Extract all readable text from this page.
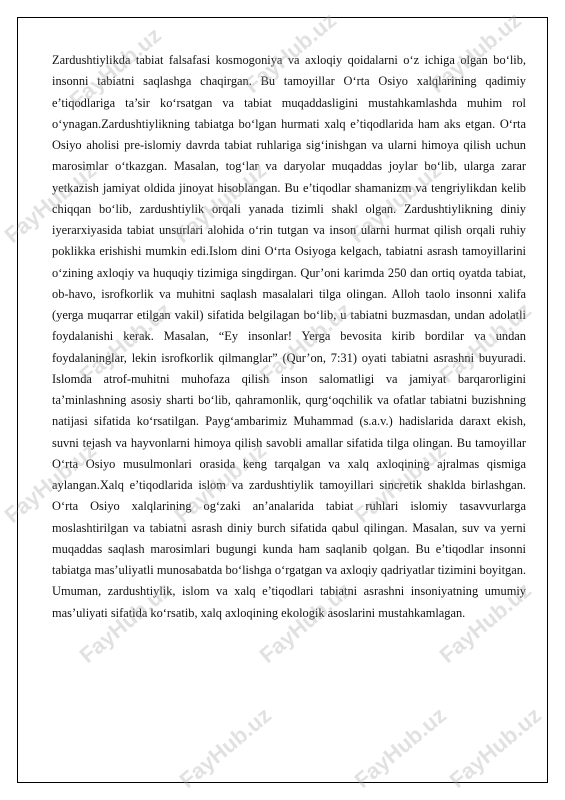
Zardushtiylikda tabiat falsafasi kosmogoniya va axloqiy qoidalarni o‘z ichiga olgan bo‘lib, insonni tabiatni saqlashga chaqirgan. Bu tamoyillar O‘rta Osiyo xalqlarining qadimiy e’tiqodlariga ta’sir ko‘rsatgan va tabiat muqaddasligini mustahkamlashda muhim rol o‘ynagan.Zardushtiylikning tabiatga bo‘lgan hurmati xalq e’tiqodlarida ham aks etgan. O‘rta Osiyo aholisi pre-islomiy davrda tabiat ruhlariga sig‘inishgan va ularni himoya qilish uchun marosimlar o‘tkazgan. Masalan, tog‘lar va daryolar muqaddas joylar bo‘lib, ularga zarar yetkazish jamiyat oldida jinoyat hisoblangan. Bu e’tiqodlar shamanizm va tengriylikdan kelib chiqqan bo‘lib, zardushtiylik orqali yanada tizimli shakl olgan. Zardushtiylikning diniy iyerarxiyasida tabiat unsurlari alohida o‘rin tutgan va inson ularni hurmat qilish orqali ruhiy poklikka erishishi mumkin edi.Islom dini O‘rta Osiyoga kelgach, tabiatni asrash tamoyillarini o‘zining axloqiy va huquqiy tizimiga singdirgan. Qur’oni karimda 250 dan ortiq oyatda tabiat, ob-havo, isrofkorlik va muhitni saqlash masalalari tilga olingan. Alloh taolo insonni xalifa (yerga muqarrar etilgan vakil) sifatida belgilagan bo‘lib, u tabiatni buzmasdan, undan adolatli foydalanishi kerak. Masalan, “Ey insonlar! Yerga bevosita kirib bordilar va undan foydalaninglar, lekin isrofkorlik qilmanglar” (Qur’on, 7:31) oyati tabiatni asrashni buyuradi. Islomda atrof-muhitni muhofaza qilish inson salomatligi va jamiyat barqarorligini ta’minlashning asosiy sharti bo‘lib, qahramonlik, qurg‘oqchilik va ofatlar tabiatni buzishning natijasi sifatida ko‘rsatilgan. Payg‘ambarimiz Muhammad (s.a.v.) hadislarida daraxt ekish, suvni tejash va hayvonlarni himoya qilish savobli amallar sifatida tilga olingan. Bu tamoyillar O‘rta Osiyo musulmonlari orasida keng tarqalgan va xalq axloqining ajralmas qismiga aylangan.Xalq e’tiqodlarida islom va zardushtiylik tamoyillari sincretik shaklda birlashgan. O‘rta Osiyo xalqlarining og‘zaki an’analarida tabiat ruhlari islomiy tasavvurlarga moslashtirilgan va tabiatni asrash diniy burch sifatida qabul qilingan. Masalan, suv va yerni muqaddas saqlash marosimlari bugungi kunda ham saqlanib qolgan. Bu e’tiqodlar insonni tabiatga mas’uliyatli munosabatda bo‘lishga o‘rgatgan va axloqiy qadriyatlar tizimini boyitgan. Umuman, zardushtiylik, islom va xalq e’tiqodlari tabiatni asrashni insoniyatning umumiy mas’uliyati sifatida ko‘rsatib, xalq axloqining ekologik asoslarini mustahkamlagan.

FayHub.uz	FayHub.uz	FayHub.uz
FayHub.uz	FayHub.uz	FayHub.uz
FayHub.uz	FayHub.uz	FayHub.uz
FayHub.uz	FayHub.uz	FayHub.uz
FayHub.uz	FayHub.uz	FayHub.uz
FayHub.uz	FayHub.uz
FayHub.uz
